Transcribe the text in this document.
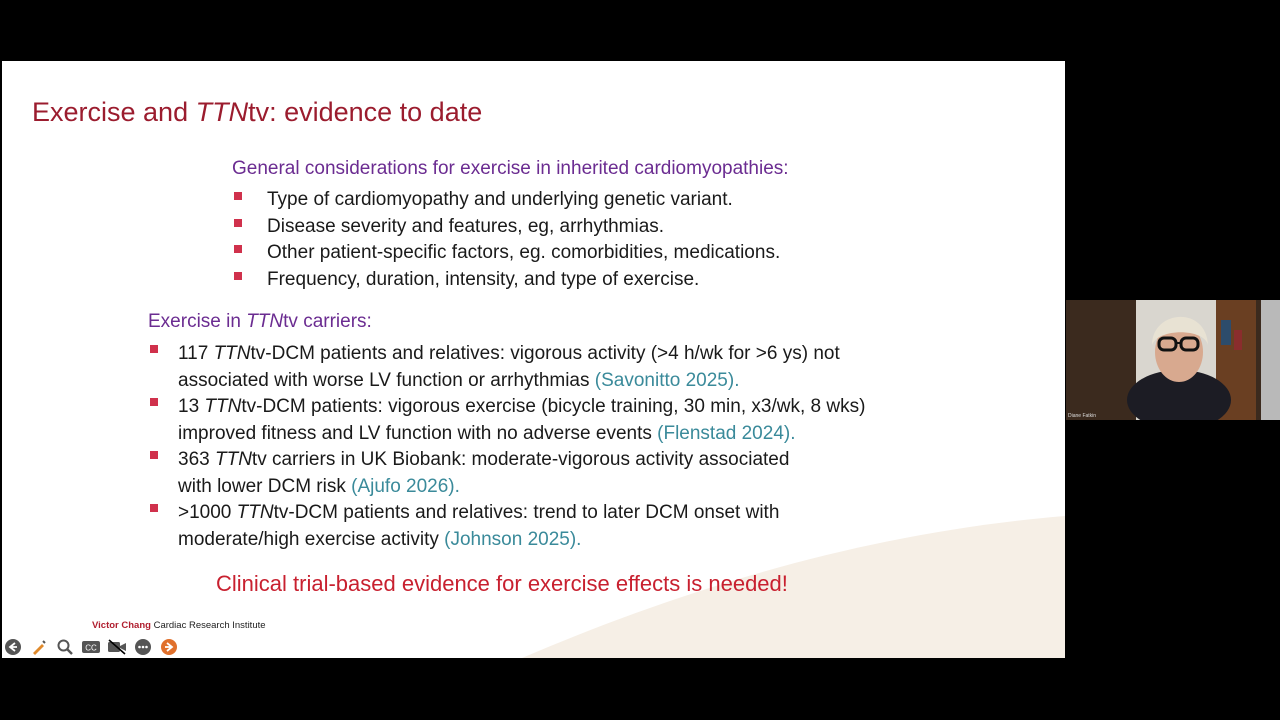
Exercise and TTNtv: evidence to date
General considerations for exercise in inherited cardiomyopathies:
Type of cardiomyopathy and underlying genetic variant.
Disease severity and features, eg, arrhythmias.
Other patient-specific factors, eg. comorbidities, medications.
Frequency, duration, intensity, and type of exercise.
Exercise in TTNtv carriers:
117 TTNtv-DCM patients and relatives: vigorous activity (>4 h/wk for >6 ys) not
associated with worse LV function or arrhythmias (Savonitto 2025).
13 TTNtv-DCM patients: vigorous exercise (bicycle training, 30 min, x3/wk, 8 wks)
improved fitness and LV function with no adverse events (Flenstad 2024).
363 TTNtv carriers in UK Biobank: moderate-vigorous activity associated
with lower DCM risk (Ajufo 2026).
>1000 TTNtv-DCM patients and relatives: trend to later DCM onset with
moderate/high exercise activity (Johnson 2025).
Clinical trial-based evidence for exercise effects is needed!
Victor Chang Cardiac Research Institute
CC
Diane Fatkin
